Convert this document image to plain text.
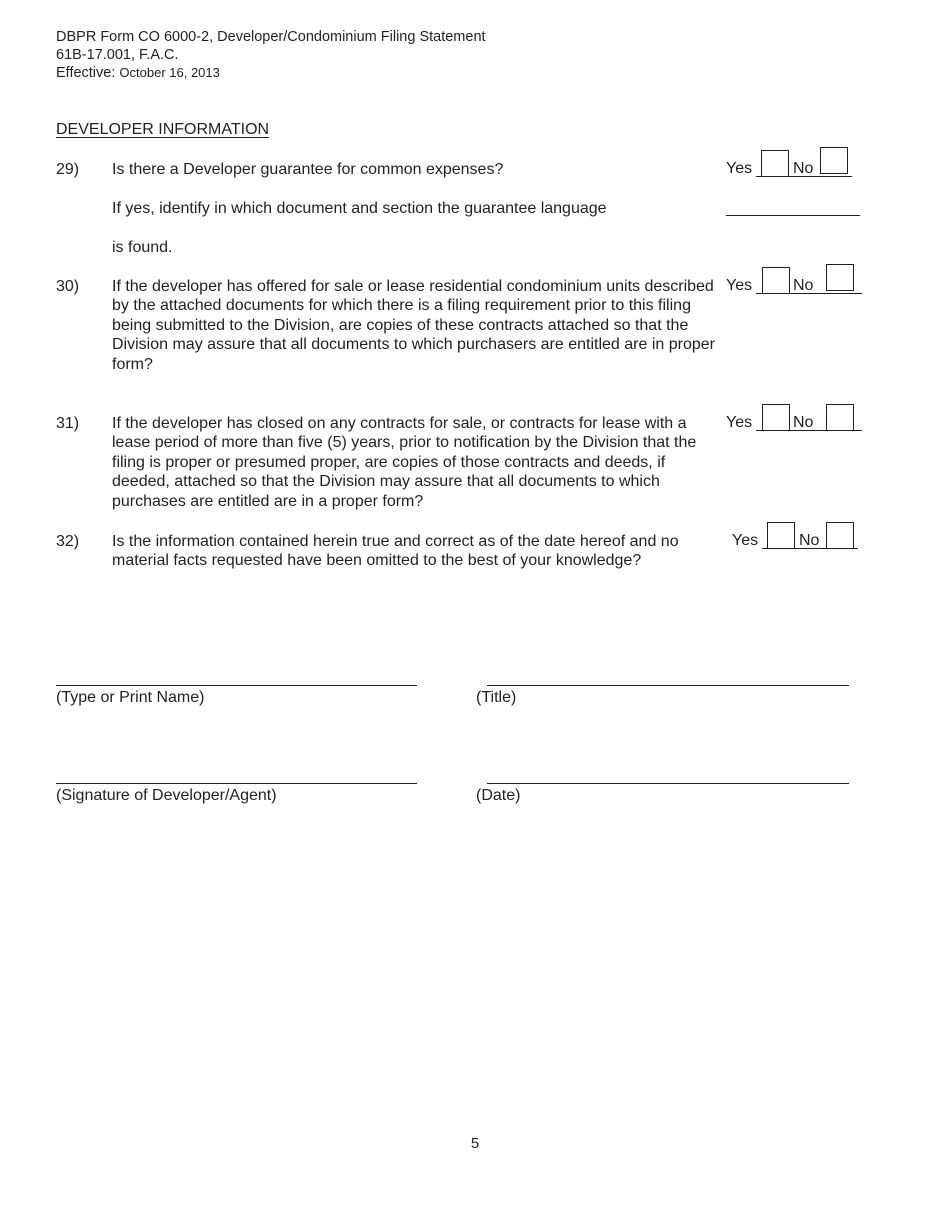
DBPR Form CO 6000-2, Developer/Condominium Filing Statement
61B-17.001, F.A.C.
Effective: October 16, 2013
DEVELOPER INFORMATION
29) Is there a Developer guarantee for common expenses?	Yes	No
If yes, identify in which document and section the guarantee language
is found.
30) If the developer has offered for sale or lease residential condominium units described by the attached documents for which there is a filing requirement prior to this filing being submitted to the Division, are copies of these contracts attached so that the Division may assure that all documents to which purchasers are entitled are in proper form?
Yes	No
31) If the developer has closed on any contracts for sale, or contracts for lease with a lease period of more than five (5) years, prior to notification by the Division that the filing is proper or presumed proper, are copies of those contracts and deeds, if deeded, attached so that the Division may assure that all documents to which purchases are entitled are in a proper form?
Yes	No
32) Is the information contained herein true and correct as of the date hereof and no material facts requested have been omitted to the best of your knowledge?
Yes	No
(Type or Print Name)	(Title)
(Signature of Developer/Agent)	(Date)
5
